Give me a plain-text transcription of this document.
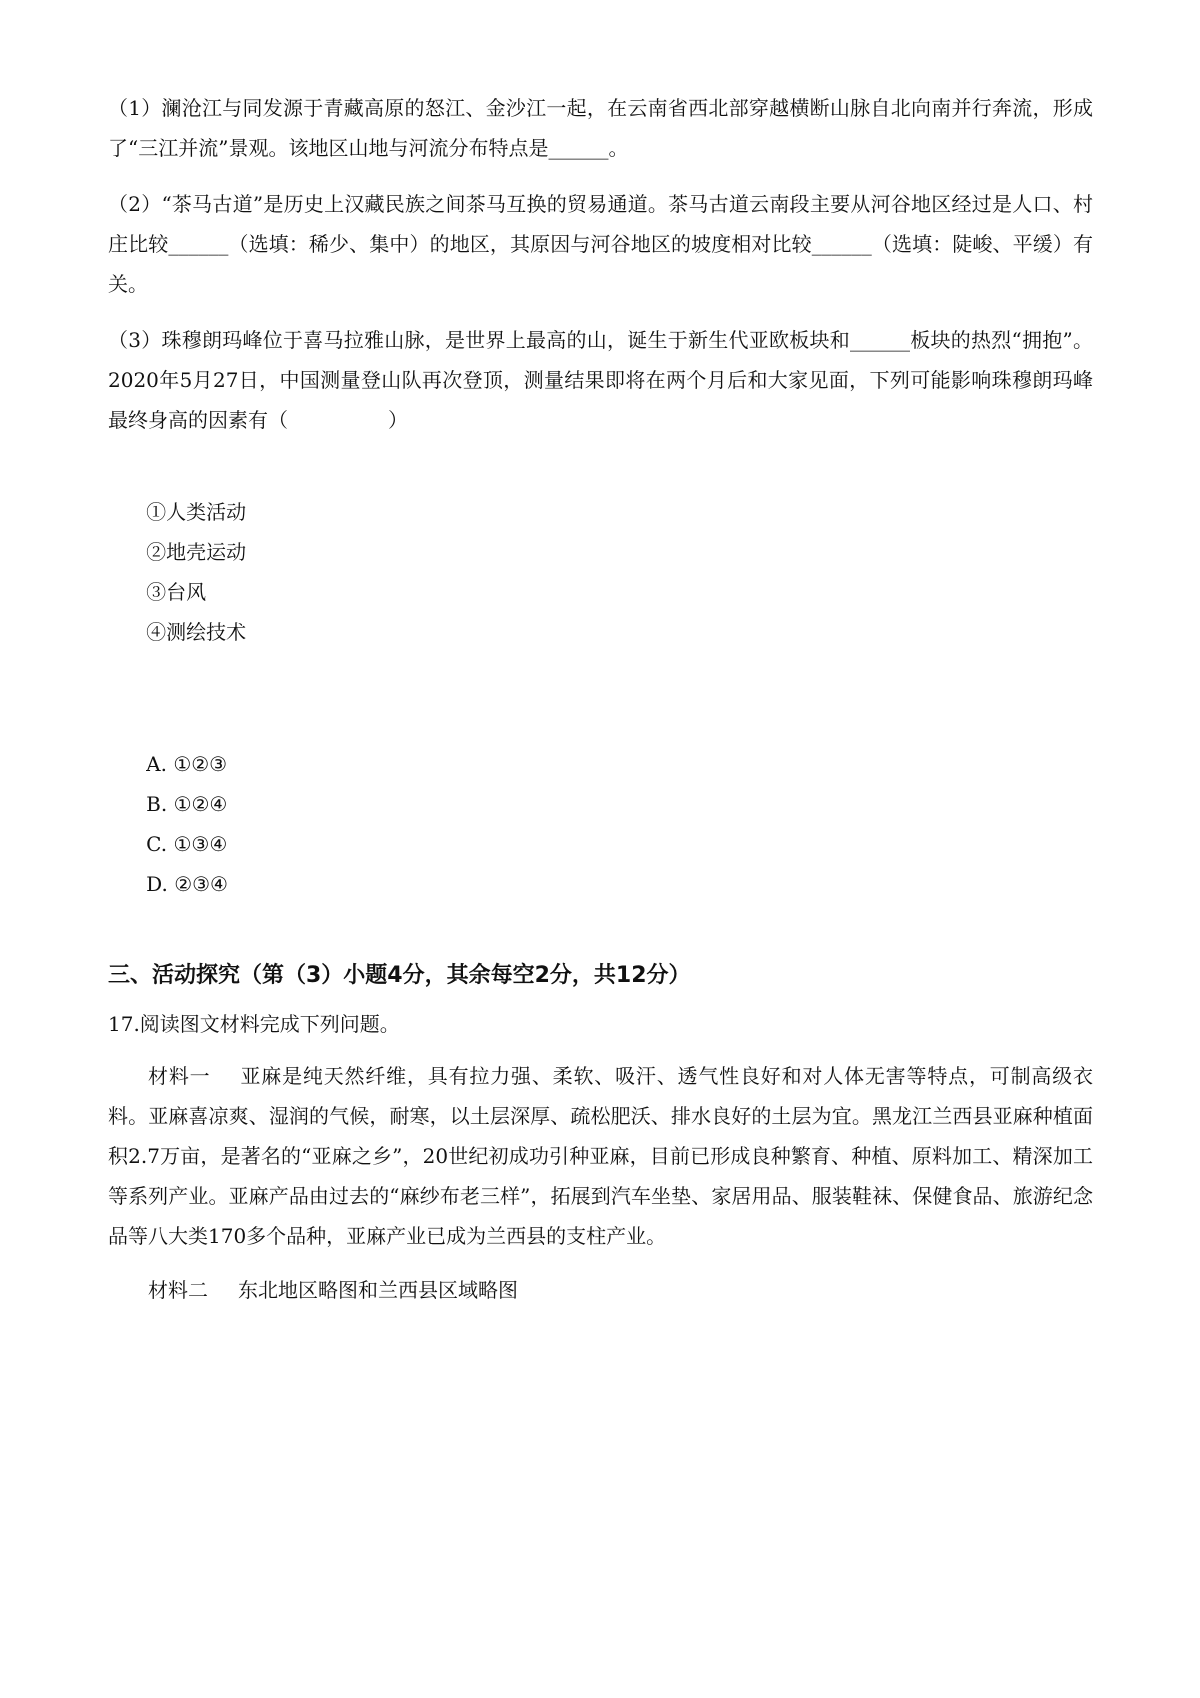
（1）澜沧江与同发源于青藏高原的怒江、金沙江一起，在云南省西北部穿越横断山脉自北向南并行奔流，形成了“三江并流”景观。该地区山地与河流分布特点是______。

（2）“茶马古道”是历史上汉藏民族之间茶马互换的贸易通道。茶马古道云南段主要从河谷地区经过是人口、村庄比较______（选填：稀少、集中）的地区，其原因与河谷地区的坡度相对比较______（选填：陡峻、平缓）有关。

（3）珠穆朗玛峰位于喜马拉雅山脉，是世界上最高的山，诞生于新生代亚欧板块和______板块的热烈“拥抱”。2020年5月27日，中国测量登山队再次登顶，测量结果即将在两个月后和大家见面，下列可能影响珠穆朗玛峰最终身高的因素有（　　　　　）

①人类活动
②地壳运动
③台风
④测绘技术

A. ①②③
B. ①②④
C. ①③④
D. ②③④

三、活动探究（第（3）小题4分，其余每空2分，共12分）
17.阅读图文材料完成下列问题。

材料一 亚麻是纯天然纤维，具有拉力强、柔软、吸汗、透气性良好和对人体无害等特点，可制高级衣料。亚麻喜凉爽、湿润的气候，耐寒，以土层深厚、疏松肥沃、排水良好的土层为宜。黑龙江兰西县亚麻种植面积2.7万亩，是著名的“亚麻之乡”，20世纪初成功引种亚麻，目前已形成良种繁育、种植、原料加工、精深加工等系列产业。亚麻产品由过去的“麻纱布老三样”，拓展到汽车坐垫、家居用品、服装鞋袜、保健食品、旅游纪念品等八大类170多个品种，亚麻产业已成为兰西县的支柱产业。

材料二 东北地区略图和兰西县区域略图
